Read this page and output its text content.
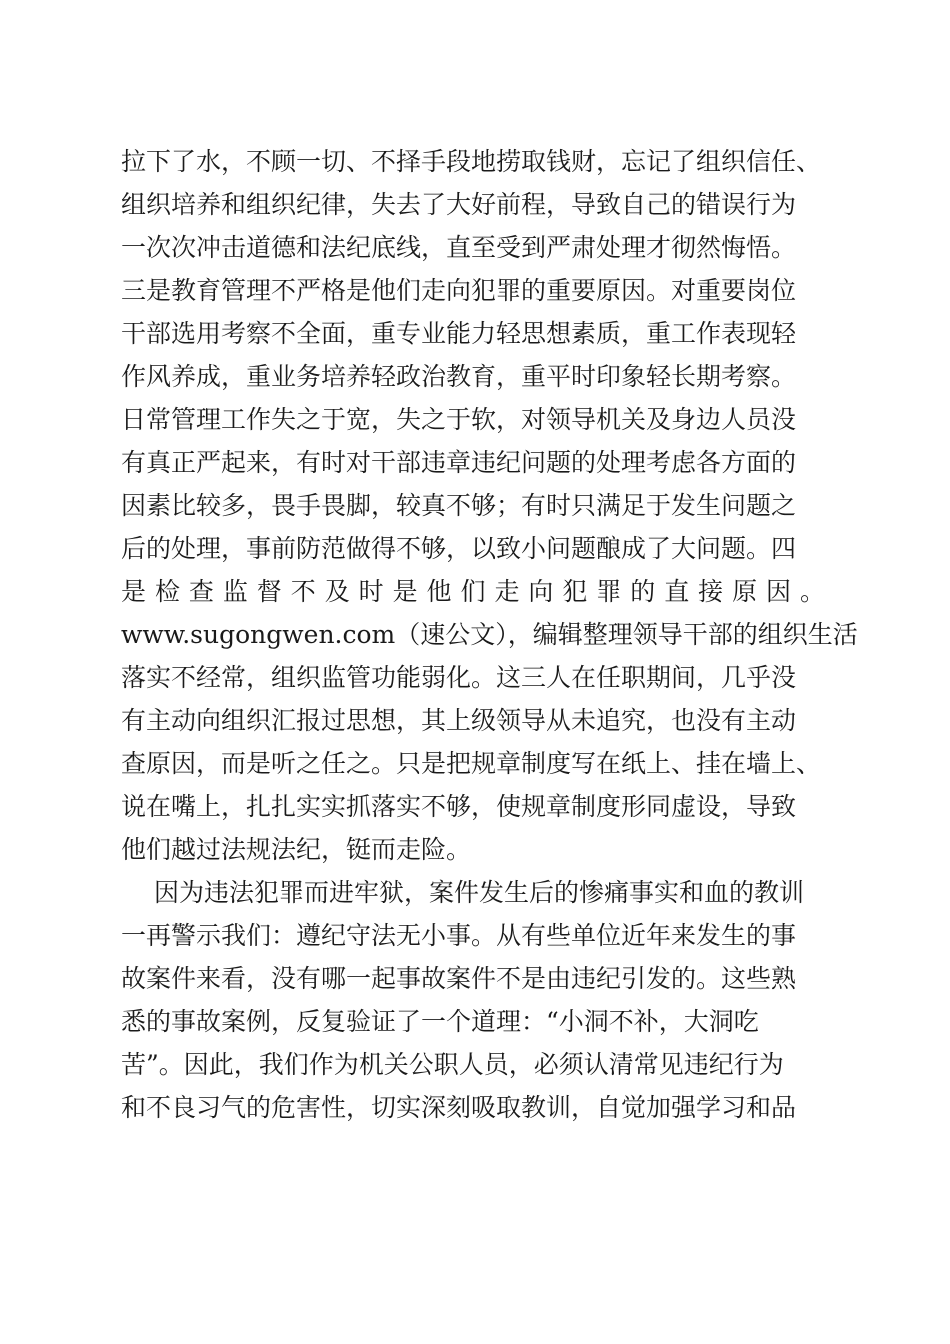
拉下了水，不顾一切、不择手段地捞取钱财，忘记了组织信任、
组织培养和组织纪律，失去了大好前程，导致自己的错误行为
一次次冲击道德和法纪底线，直至受到严肃处理才彻然悔悟。
三是教育管理不严格是他们走向犯罪的重要原因。对重要岗位
干部选用考察不全面，重专业能力轻思想素质，重工作表现轻
作风养成，重业务培养轻政治教育，重平时印象轻长期考察。
日常管理工作失之于宽，失之于软，对领导机关及身边人员没
有真正严起来，有时对干部违章违纪问题的处理考虑各方面的
因素比较多，畏手畏脚，较真不够；有时只满足于发生问题之
后的处理，事前防范做得不够，以致小问题酿成了大问题。四
是检查监督不及时是他们走向犯罪的直接原因。
www.sugongwen.com（速公文），编辑整理领导干部的组织生活
落实不经常，组织监管功能弱化。这三人在任职期间，几乎没
有主动向组织汇报过思想，其上级领导从未追究，也没有主动
查原因，而是听之任之。只是把规章制度写在纸上、挂在墙上、
说在嘴上，扎扎实实抓落实不够，使规章制度形同虚设，导致
他们越过法规法纪，铤而走险。
因为违法犯罪而进牢狱，案件发生后的惨痛事实和血的教训
一再警示我们：遵纪守法无小事。从有些单位近年来发生的事
故案件来看，没有哪一起事故案件不是由违纪引发的。这些熟
悉的事故案例，反复验证了一个道理：“小洞不补，大洞吃
苦”。因此，我们作为机关公职人员，必须认清常见违纪行为
和不良习气的危害性，切实深刻吸取教训，自觉加强学习和品
